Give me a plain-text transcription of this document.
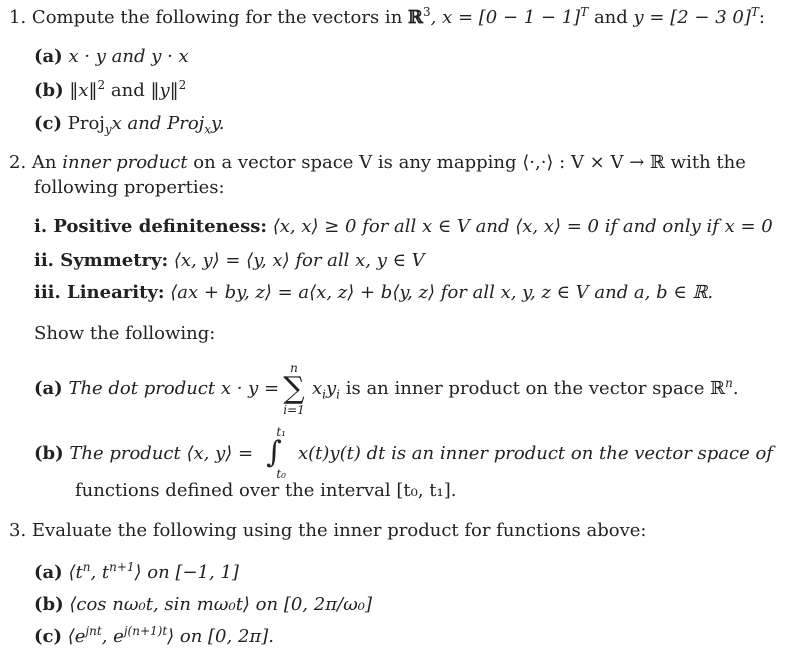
1. Compute the following for the vectors in ℝ$^3$, $x = [0 - 1 - 1]^T$ and y = [2 − 3 0]$^T$:
(a) x · y and y · x
(b) ‖x‖$^2$ and ‖y‖$^2$
(c) Proj$_y$x and Proj$_x$y.
2. An inner product on a vector space V is any mapping ⟨·,·⟩ : V × V → ℝ with the
following properties:
i. Positive definiteness: ⟨x, x⟩ ≥ 0 for all x ∈ V and ⟨x, x⟩ = 0 if and only if x = 0
ii. Symmetry: ⟨x, y⟩ = ⟨y, x⟩ for all x, y ∈ V
iii. Linearity: ⟨ax + by, z⟩ = a⟨x, z⟩ + b⟨y, z⟩ for all x, y, z ∈ V and a, b ∈ ℝ.
Show the following:
(a) The dot product x · y =
n
∑
i=1
$x_iy_i$ is an inner product on the vector space ℝ$^n$.
(b) The product ⟨x, y⟩ =
t₁
∫
t₀
x(t)y(t) dt is an inner product on the vector space of
functions defined over the interval [t₀, t₁].
3. Evaluate the following using the inner product for functions above:
(a) $⟨t^n$, $t^{n+1}⟩$ on [−1, 1]
(b) ⟨cos nω₀t, sin mω₀t⟩ on [0, 2π/ω₀]
(c) $⟨e^{jnt}$, $e^{j(n+1)t}⟩$ on [0, 2π].
